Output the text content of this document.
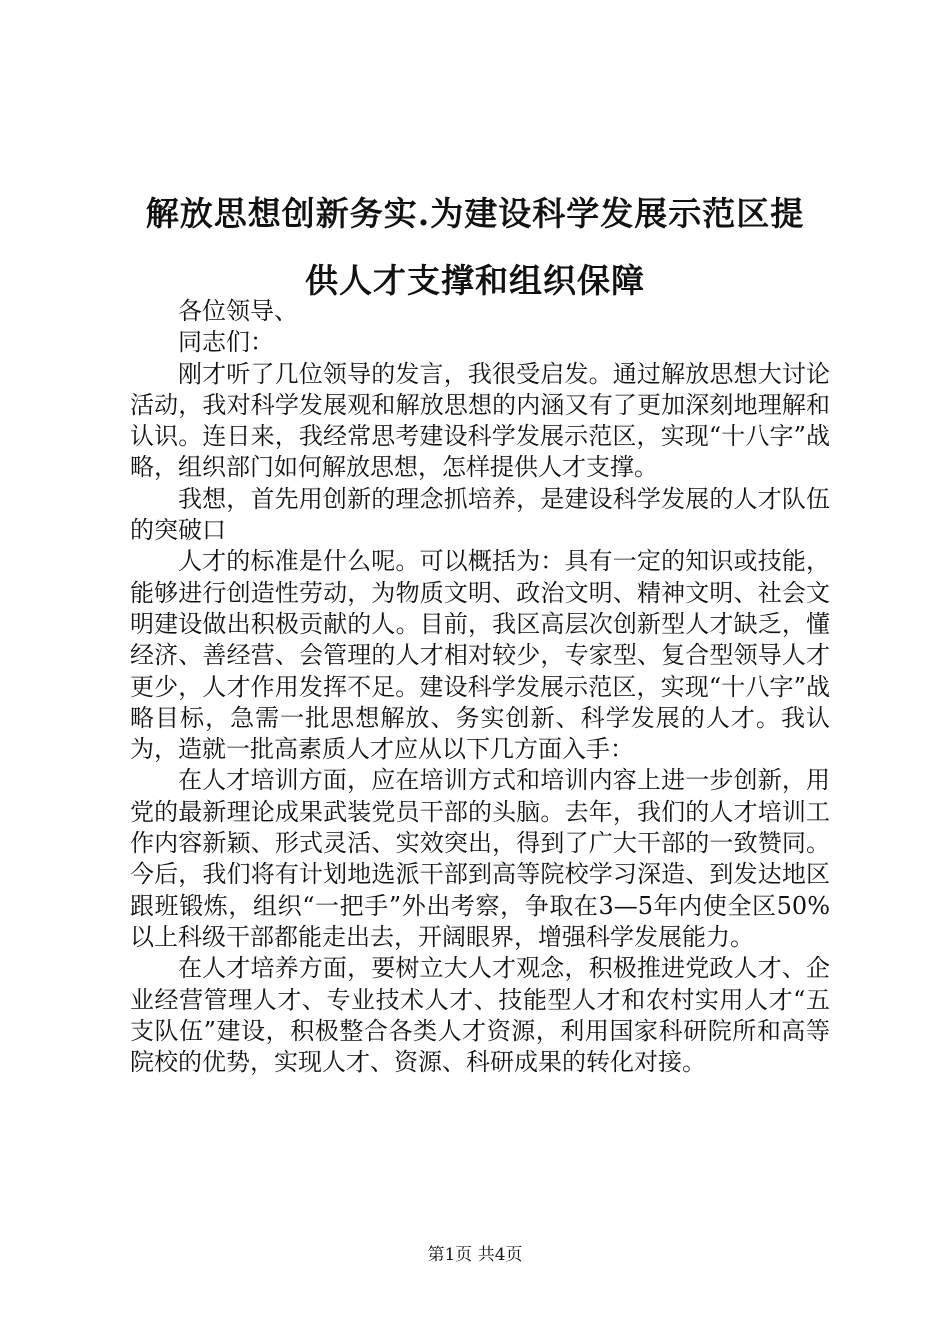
解放思想创新务实.为建设科学发展示范区提
供人才支撑和组织保障

各位领导、

同志们：

刚才听了几位领导的发言，我很受启发。通过解放思想大讨论活动，我对科学发展观和解放思想的内涵又有了更加深刻地理解和认识。连日来，我经常思考建设科学发展示范区，实现“十八字”战略，组织部门如何解放思想，怎样提供人才支撑。

我想，首先用创新的理念抓培养，是建设科学发展的人才队伍的突破口

人才的标准是什么呢。可以概括为：具有一定的知识或技能，能够进行创造性劳动，为物质文明、政治文明、精神文明、社会文明建设做出积极贡献的人。目前，我区高层次创新型人才缺乏，懂经济、善经营、会管理的人才相对较少，专家型、复合型领导人才更少，人才作用发挥不足。建设科学发展示范区，实现“十八字”战略目标，急需一批思想解放、务实创新、科学发展的人才。我认为，造就一批高素质人才应从以下几方面入手：

在人才培训方面，应在培训方式和培训内容上进一步创新，用党的最新理论成果武装党员干部的头脑。去年，我们的人才培训工作内容新颖、形式灵活、实效突出，得到了广大干部的一致赞同。今后，我们将有计划地选派干部到高等院校学习深造、到发达地区跟班锻炼，组织“一把手”外出考察，争取在3—5年内使全区50%以上科级干部都能走出去，开阔眼界，增强科学发展能力。

在人才培养方面，要树立大人才观念，积极推进党政人才、企业经营管理人才、专业技术人才、技能型人才和农村实用人才“五支队伍”建设，积极整合各类人才资源，利用国家科研院所和高等院校的优势，实现人才、资源、科研成果的转化对接。

第1页 共4页
